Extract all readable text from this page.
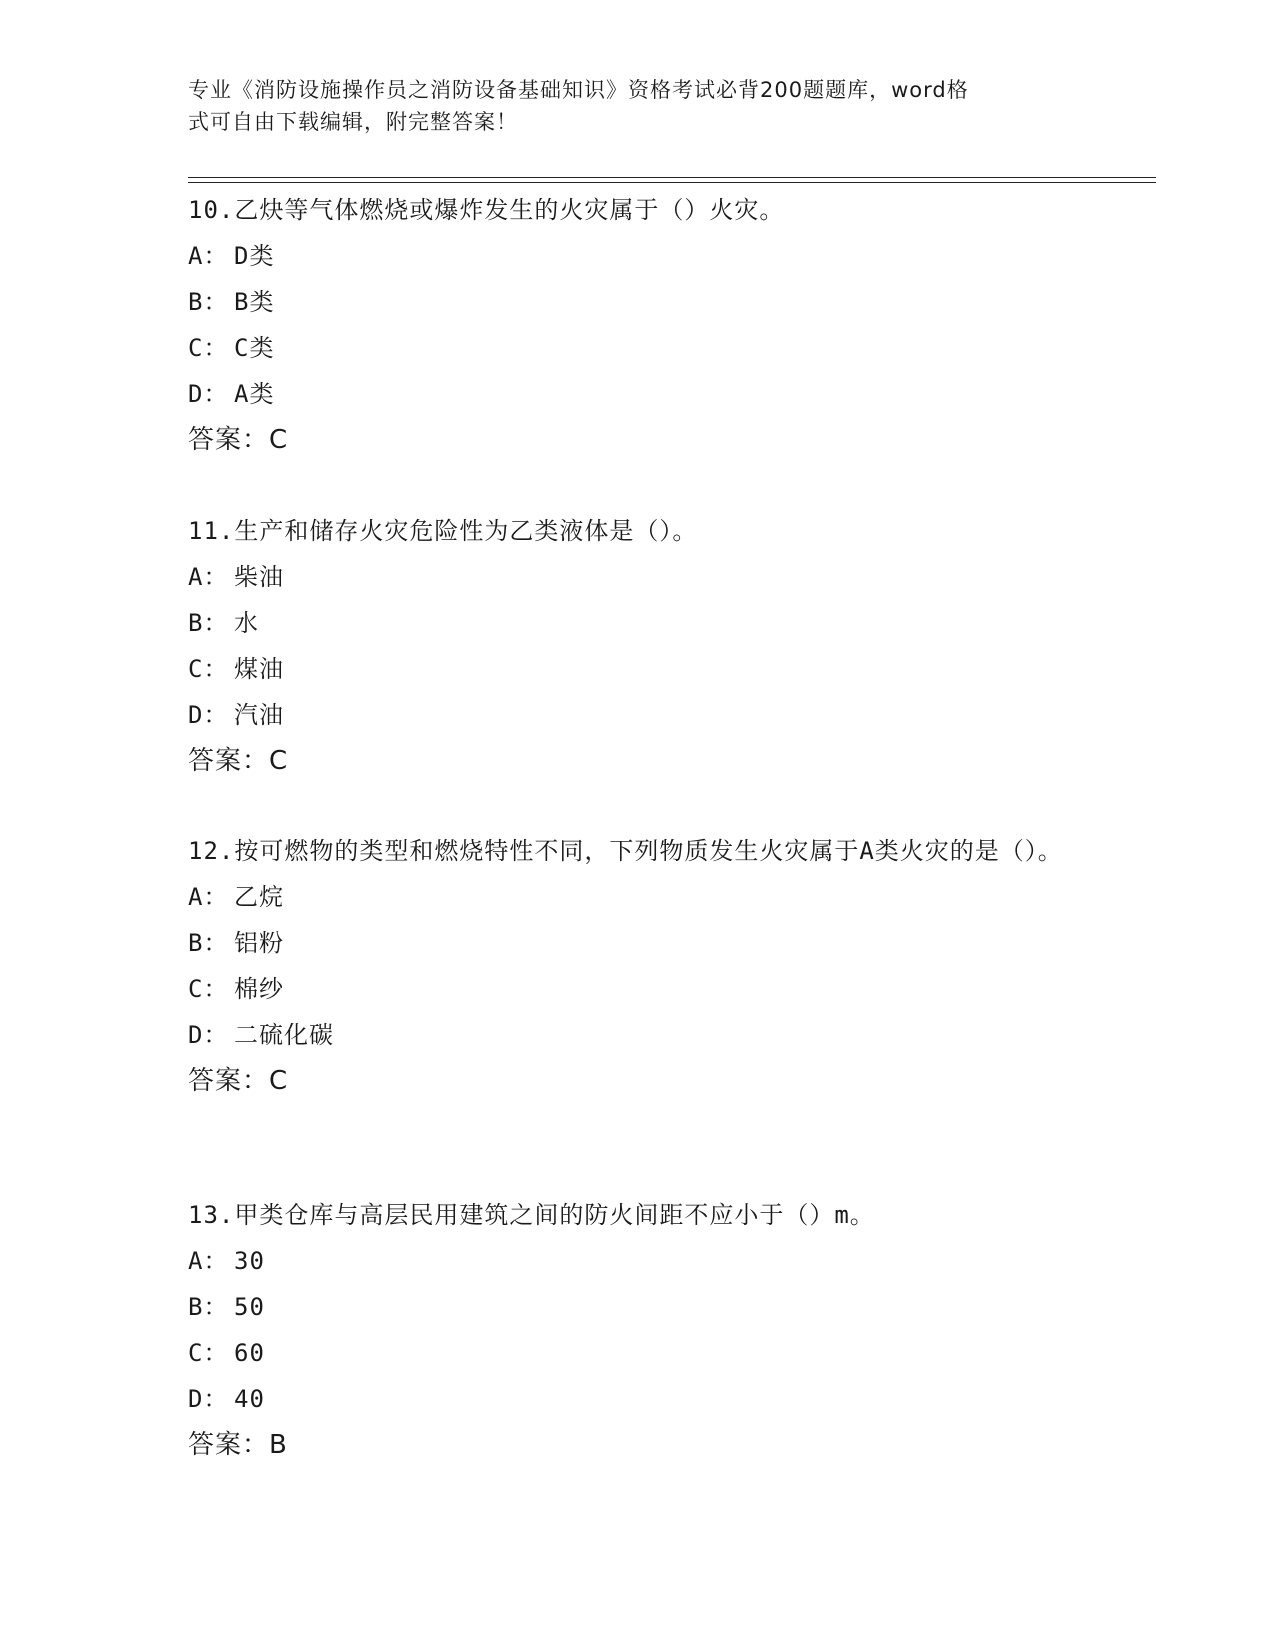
专业《消防设施操作员之消防设备基础知识》资格考试必背200题题库，word格
式可自由下载编辑，附完整答案！

10.乙炔等气体燃烧或爆炸发生的火灾属于（）火灾。

A： D类
B： B类
C： C类
D： A类
答案：C

11.生产和储存火灾危险性为乙类液体是（）。

A： 柴油
B： 水
C： 煤油
D： 汽油
答案：C

12.按可燃物的类型和燃烧特性不同，下列物质发生火灾属于A类火灾的是（）。

A： 乙烷
B： 铝粉
C： 棉纱
D： 二硫化碳
答案：C

13.甲类仓库与高层民用建筑之间的防火间距不应小于（）m。

A： 30
B： 50
C： 60
D： 40
答案：B
